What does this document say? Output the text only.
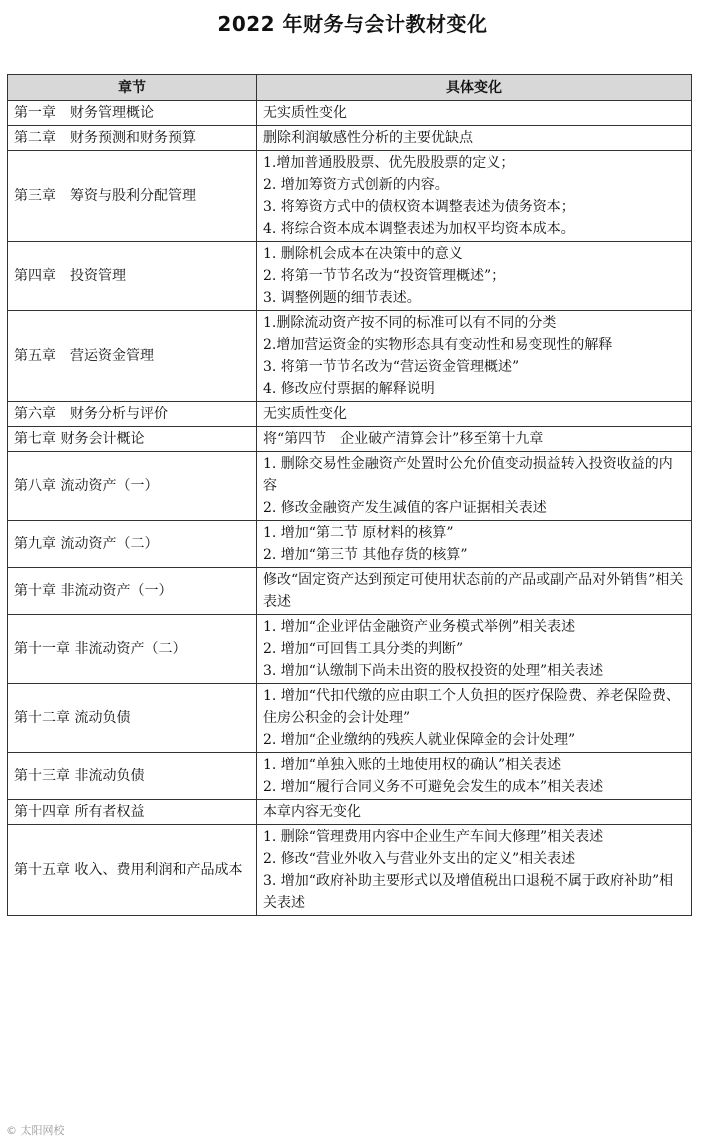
2022 年财务与会计教材变化
章节	具体变化
第一章　财务管理概论	无实质性变化

第二章　财务预测和财务预算	删除利润敏感性分析的主要优缺点

第三章　筹资与股利分配管理	1.增加普通股股票、优先股股票的定义；
2. 增加筹资方式创新的内容。
3. 将筹资方式中的债权资本调整表述为债务资本；
4. 将综合资本成本调整表述为加权平均资本成本。

第四章　投资管理	1. 删除机会成本在决策中的意义
2. 将第一节节名改为“投资管理概述”；
3. 调整例题的细节表述。

第五章　营运资金管理	1.删除流动资产按不同的标准可以有不同的分类
2.增加营运资金的实物形态具有变动性和易变现性的解释
3. 将第一节节名改为“营运资金管理概述”
4. 修改应付票据的解释说明

第六章　财务分析与评价	无实质性变化

第七章 财务会计概论	将“第四节　企业破产清算会计”移至第十九章

第八章 流动资产（一）	1. 删除交易性金融资产处置时公允价值变动损益转入投资收益的内容
2. 修改金融资产发生减值的客户证据相关表述

第九章 流动资产（二）	1. 增加“第二节 原材料的核算”
2. 增加“第三节 其他存货的核算”

第十章 非流动资产（一）	修改“固定资产达到预定可使用状态前的产品或副产品对外销售”相关表述

第十一章 非流动资产（二）	1. 增加“企业评估金融资产业务模式举例”相关表述
2. 增加“可回售工具分类的判断”
3. 增加“认缴制下尚未出资的股权投资的处理”相关表述

第十二章 流动负债	1. 增加“代扣代缴的应由职工个人负担的医疗保险费、养老保险费、住房公积金的会计处理”
2. 增加“企业缴纳的残疾人就业保障金的会计处理”

第十三章 非流动负债	1. 增加“单独入账的土地使用权的确认”相关表述
2. 增加“履行合同义务不可避免会发生的成本”相关表述

第十四章 所有者权益	本章内容无变化

第十五章 收入、费用利润和产品成本	1. 删除“管理费用内容中企业生产车间大修理”相关表述
2. 修改“营业外收入与营业外支出的定义”相关表述
3. 增加“政府补助主要形式以及增值税出口退税不属于政府补助”相关表述
© 太阳网校
